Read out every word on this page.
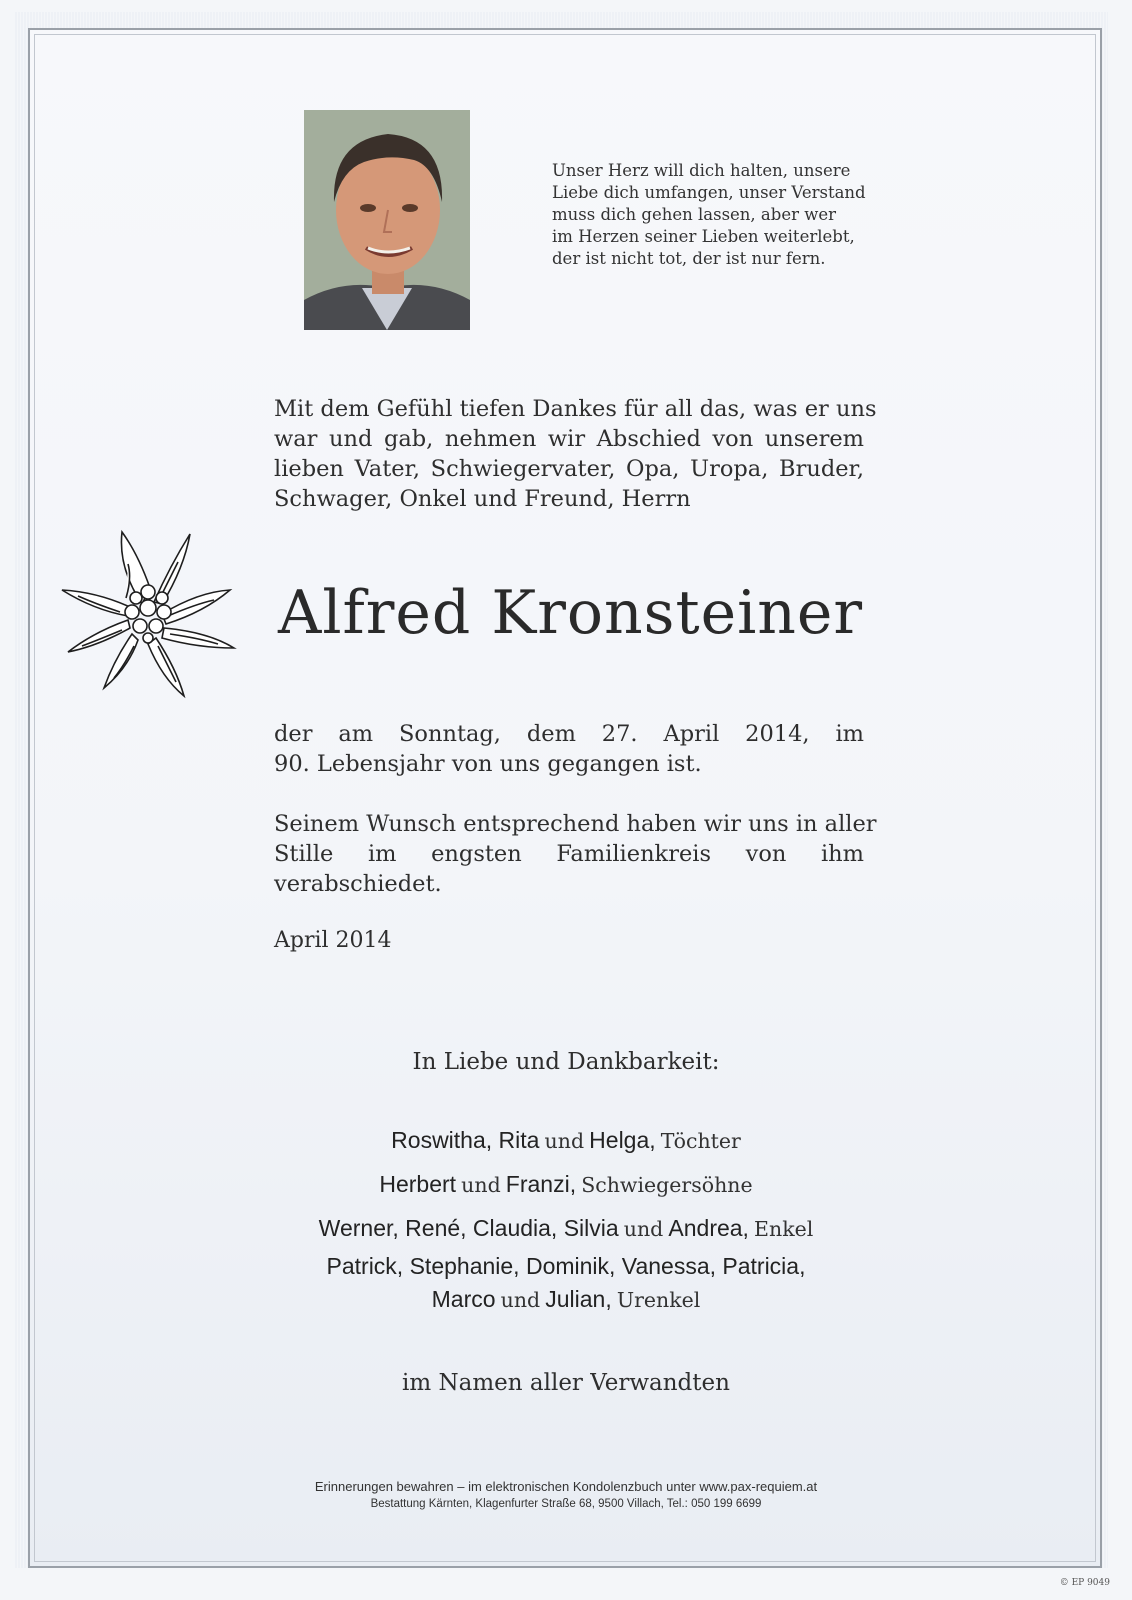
Unser Herz will dich halten, unsere
Liebe dich umfangen, unser Verstand
muss dich gehen lassen, aber wer
im Herzen seiner Lieben weiterlebt,
der ist nicht tot, der ist nur fern.
Mit dem Gefühl tiefen Dankes für all das, was er uns
war und gab, nehmen wir Abschied von unserem
lieben Vater, Schwiegervater, Opa, Uropa, Bruder,
Schwager, Onkel und Freund, Herrn
Alfred Kronsteiner
der am Sonntag, dem 27. April 2014, im
90. Lebensjahr von uns gegangen ist.
Seinem Wunsch entsprechend haben wir uns in aller
Stille im engsten Familienkreis von ihm
verabschiedet.
April 2014
In Liebe und Dankbarkeit:
Roswitha, Rita und Helga, Töchter
Herbert und Franzi, Schwiegersöhne
Werner, René, Claudia, Silvia und Andrea, Enkel
Patrick, Stephanie, Dominik, Vanessa, Patricia,
Marco und Julian, Urenkel
im Namen aller Verwandten
Erinnerungen bewahren – im elektronischen Kondolenzbuch unter www.pax-requiem.at
Bestattung Kärnten, Klagenfurter Straße 68, 9500 Villach, Tel.: 050 199 6699
© EP 9049
